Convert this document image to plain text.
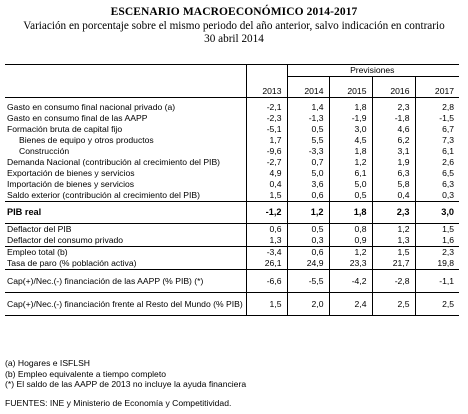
ESCENARIO MACROECONÓMICO 2014-2017
Variación en porcentaje sobre el mismo periodo del año anterior, salvo indicación en contrario
30 abril 2014
		Previsiones			
	2013	2014	2015	2016	2017

Gasto en consumo final nacional privado (a)	-2,1	1,4	1,8	2,3	2,8
Gasto en consumo final de las AAPP	-2,3	-1,3	-1,9	-1,8	-1,5
Formación bruta de capital fijo	-5,1	0,5	3,0	4,6	6,7
Bienes de equipo y otros productos	1,7	5,5	4,5	6,2	7,3
Construcción	-9,6	-3,3	1,8	3,1	6,1
Demanda Nacional (contribución al crecimiento del PIB)	-2,7	0,7	1,2	1,9	2,6
Exportación de bienes y servicios	4,9	5,0	6,1	6,3	6,5
Importación de bienes y servicios	0,4	3,6	5,0	5,8	6,3
Saldo exterior (contribución al crecimiento del PIB)	1,5	0,6	0,5	0,4	0,3
PIB real	-1,2	1,2	1,8	2,3	3,0
Deflactor del PIB	0,6	0,5	0,8	1,2	1,5
Deflactor del consumo privado	1,3	0,3	0,9	1,3	1,6
Empleo total (b)	-3,4	0,6	1,2	1,5	2,3
Tasa de paro (% población activa)	26,1	24,9	23,3	21,7	19,8
Cap(+)/Nec.(-) financiación de las AAPP (% PIB) (*)	-6,6	-5,5	-4,2	-2,8	-1,1
Cap(+)/Nec.(-) financiación frente al Resto del Mundo (% PIB)	1,5	2,0	2,4	2,5	2,5
(a) Hogares e ISFLSH
(b) Empleo equivalente a tiempo completo
(*) El saldo de las AAPP de 2013 no incluye la ayuda financiera
FUENTES: INE y Ministerio de Economía y Competitividad.
